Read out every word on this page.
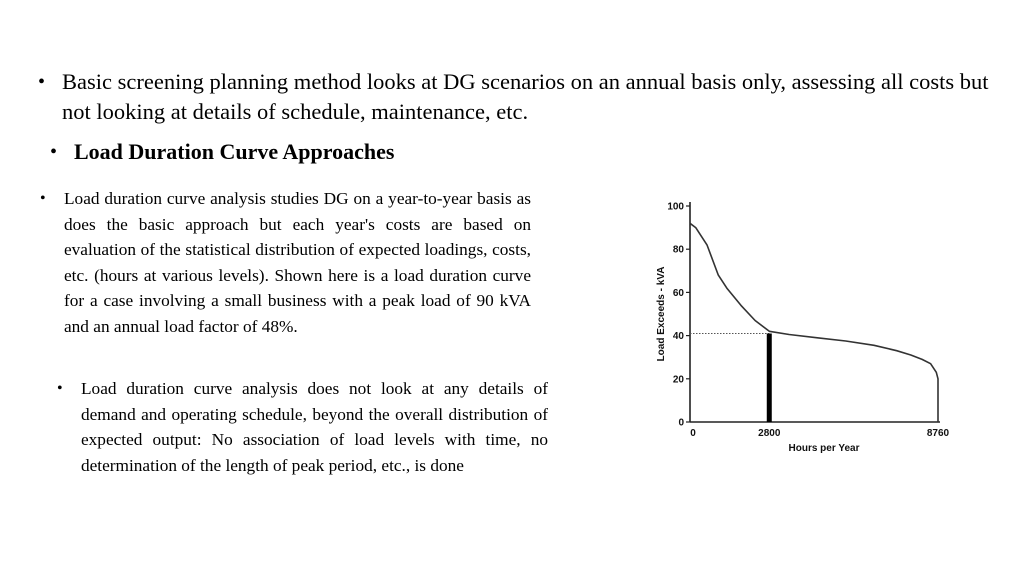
• Basic screening planning method looks at DG scenarios on an annual basis only, assessing all costs but not looking at details of schedule, maintenance, etc.
• Load Duration Curve Approaches
•	Load duration curve analysis studies DG on a year-to-year basis as does the basic approach but each year's costs are based on evaluation of the statistical distribution of expected loadings, costs, etc. (hours at various levels). Shown here is a load duration curve for a case involving a small business with a peak load of 90 kVA and an annual load factor of 48%.
•	Load duration curve analysis does not look at any details of demand and operating schedule, beyond the overall distribution of expected output: No association of load levels with time, no determination of the length of peak period, etc., is done
0
20
40
60
80
100
0	2800	8760
Hours per Year
Load Exceeds - kVA
